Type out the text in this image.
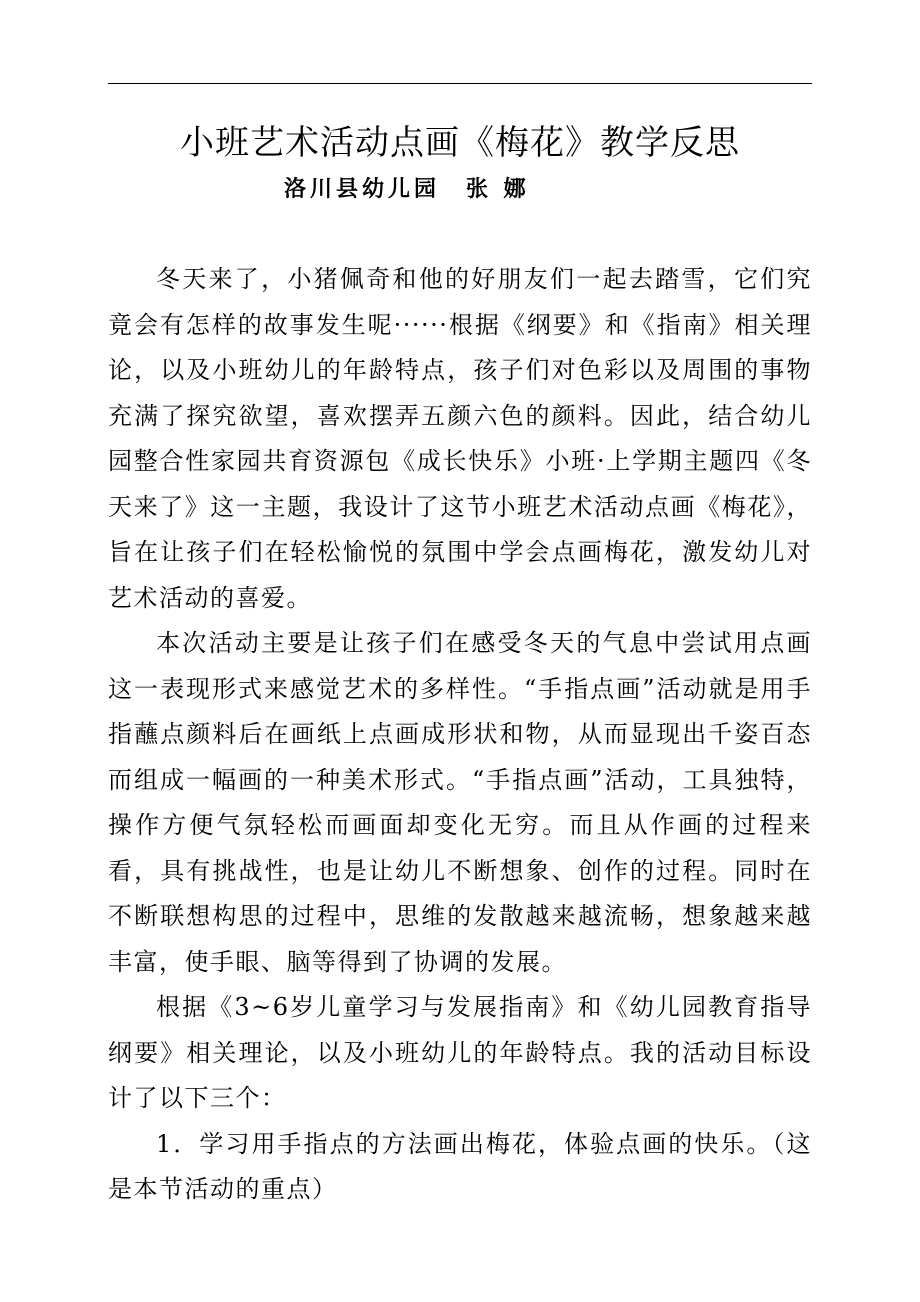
小班艺术活动点画《梅花》教学反思
洛川县幼儿园　张 娜

冬天来了，小猪佩奇和他的好朋友们一起去踏雪，它们究竟会有怎样的故事发生呢······根据《纲要》和《指南》相关理论，以及小班幼儿的年龄特点，孩子们对色彩以及周围的事物充满了探究欲望，喜欢摆弄五颜六色的颜料。因此，结合幼儿园整合性家园共育资源包《成长快乐》小班·上学期主题四《冬天来了》这一主题，我设计了这节小班艺术活动点画《梅花》，旨在让孩子们在轻松愉悦的氛围中学会点画梅花，激发幼儿对艺术活动的喜爱。

本次活动主要是让孩子们在感受冬天的气息中尝试用点画这一表现形式来感觉艺术的多样性。“手指点画”活动就是用手指蘸点颜料后在画纸上点画成形状和物，从而显现出千姿百态而组成一幅画的一种美术形式。“手指点画”活动，工具独特，操作方便气氛轻松而画面却变化无穷。而且从作画的过程来看，具有挑战性，也是让幼儿不断想象、创作的过程。同时在不断联想构思的过程中，思维的发散越来越流畅，想象越来越丰富，使手眼、脑等得到了协调的发展。

根据《3~6岁儿童学习与发展指南》和《幼儿园教育指导纲要》相关理论，以及小班幼儿的年龄特点。我的活动目标设计了以下三个：

1．学习用手指点的方法画出梅花，体验点画的快乐。（这是本节活动的重点）
